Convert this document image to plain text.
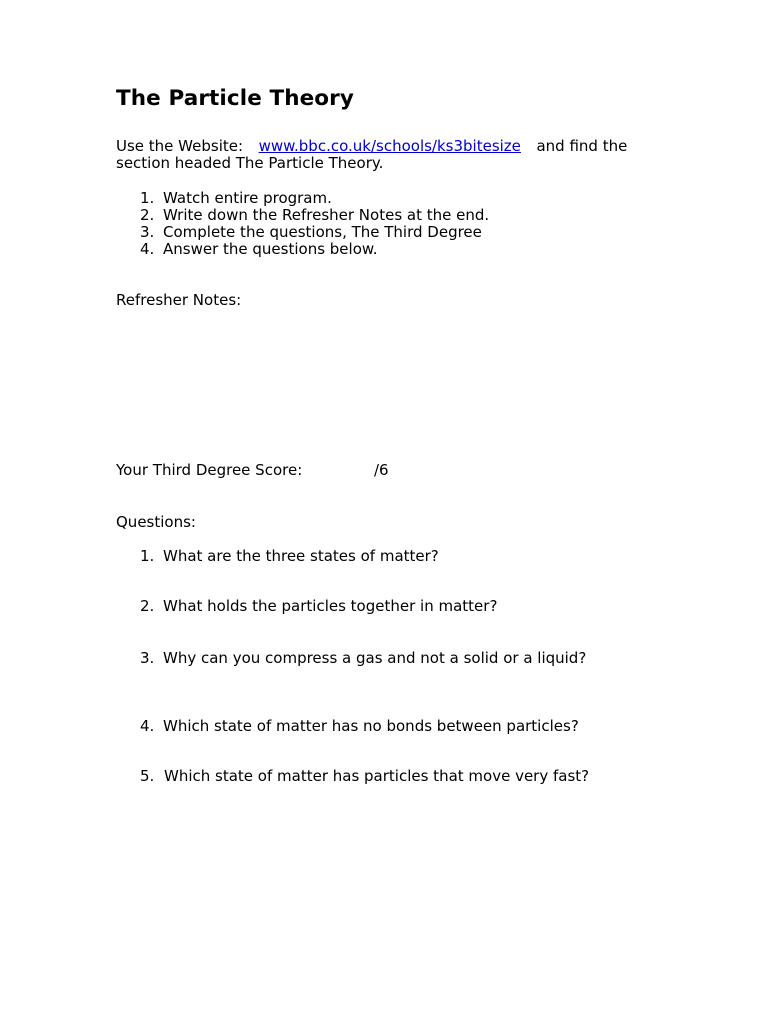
The Particle Theory
Use the Website: www.bbc.co.uk/schools/ks3bitesize and find the
section headed The Particle Theory.
1. Watch entire program.
2. Write down the Refresher Notes at the end.
3. Complete the questions, The Third Degree
4. Answer the questions below.
Refresher Notes:
Your Third Degree Score:	/6
Questions:
1. What are the three states of matter?
2. What holds the particles together in matter?
3. Why can you compress a gas and not a solid or a liquid?
4. Which state of matter has no bonds between particles?
5. Which state of matter has particles that move very fast?
